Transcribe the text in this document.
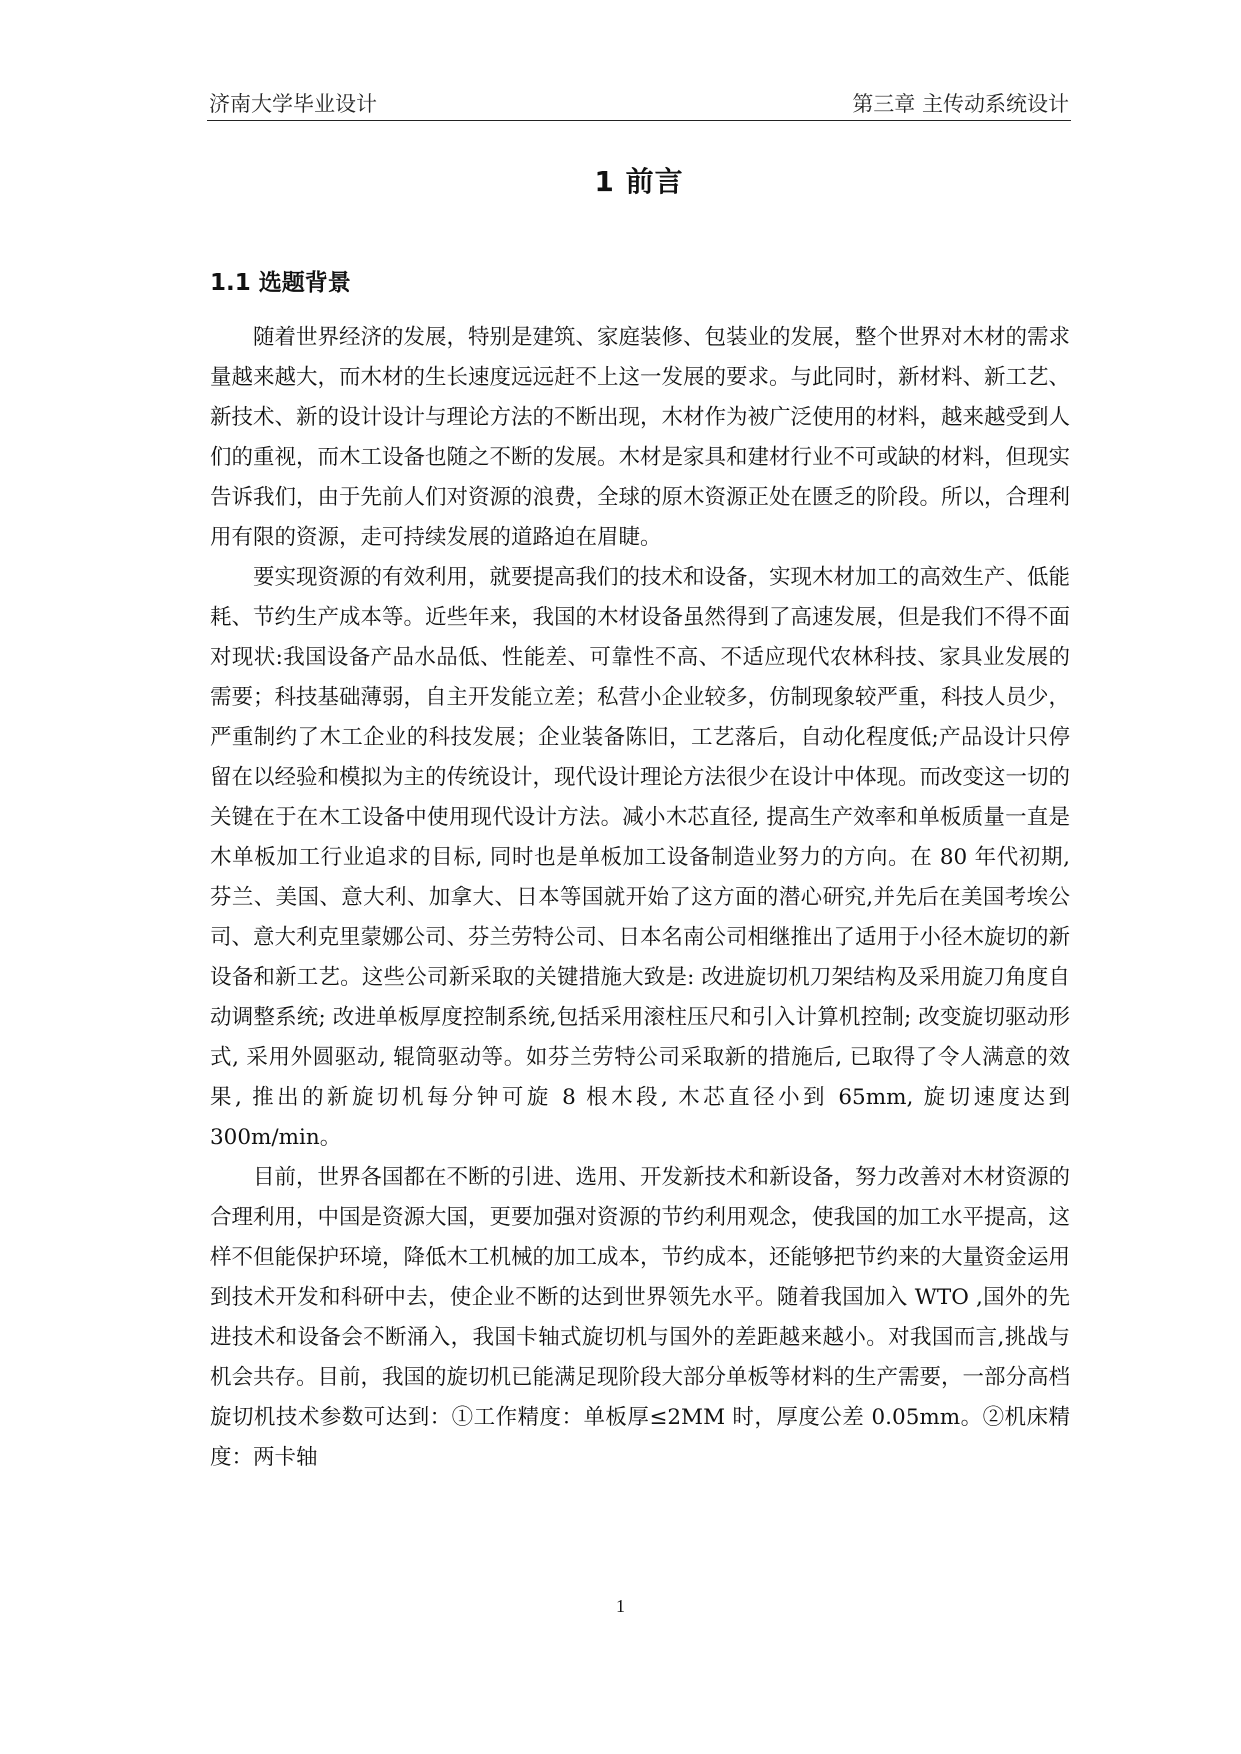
济南大学毕业设计	第三章 主传动系统设计
1 前言
1.1 选题背景

随着世界经济的发展，特别是建筑、家庭装修、包装业的发展，整个世界对木材的需求量越来越大，而木材的生长速度远远赶不上这一发展的要求。与此同时，新材料、新工艺、新技术、新的设计设计与理论方法的不断出现，木材作为被广泛使用的材料，越来越受到人们的重视，而木工设备也随之不断的发展。木材是家具和建材行业不可或缺的材料，但现实告诉我们，由于先前人们对资源的浪费，全球的原木资源正处在匮乏的阶段。所以，合理利用有限的资源，走可持续发展的道路迫在眉睫。

要实现资源的有效利用，就要提高我们的技术和设备，实现木材加工的高效生产、低能耗、节约生产成本等。近些年来，我国的木材设备虽然得到了高速发展，但是我们不得不面对现状:我国设备产品水品低、性能差、可靠性不高、不适应现代农林科技、家具业发展的需要；科技基础薄弱，自主开发能立差；私营小企业较多，仿制现象较严重，科技人员少，严重制约了木工企业的科技发展；企业装备陈旧，工艺落后，自动化程度低;产品设计只停留在以经验和模拟为主的传统设计，现代设计理论方法很少在设计中体现。而改变这一切的关键在于在木工设备中使用现代设计方法。减小木芯直径, 提高生产效率和单板质量一直是木单板加工行业追求的目标, 同时也是单板加工设备制造业努力的方向。在 80 年代初期, 芬兰、美国、意大利、加拿大、日本等国就开始了这方面的潜心研究,并先后在美国考埃公司、意大利克里蒙娜公司、芬兰劳特公司、日本名南公司相继推出了适用于小径木旋切的新设备和新工艺。这些公司新采取的关键措施大致是: 改进旋切机刀架结构及采用旋刀角度自动调整系统; 改进单板厚度控制系统,包括采用滚柱压尺和引入计算机控制; 改变旋切驱动形式, 采用外圆驱动, 辊筒驱动等。如芬兰劳特公司采取新的措施后, 已取得了令人满意的效果, 推出的新旋切机每分钟可旋 8 根木段, 木芯直径小到 65mm, 旋切速度达到 300m/min。

目前，世界各国都在不断的引进、选用、开发新技术和新设备，努力改善对木材资源的合理利用，中国是资源大国，更要加强对资源的节约利用观念，使我国的加工水平提高，这样不但能保护环境，降低木工机械的加工成本，节约成本，还能够把节约来的大量资金运用到技术开发和科研中去，使企业不断的达到世界领先水平。随着我国加入 WTO ,国外的先进技术和设备会不断涌入，我国卡轴式旋切机与国外的差距越来越小。对我国而言,挑战与机会共存。目前，我国的旋切机已能满足现阶段大部分单板等材料的生产需要，一部分高档旋切机技术参数可达到：①工作精度：单板厚≤2MM 时，厚度公差 0.05mm。②机床精度：两卡轴

1
